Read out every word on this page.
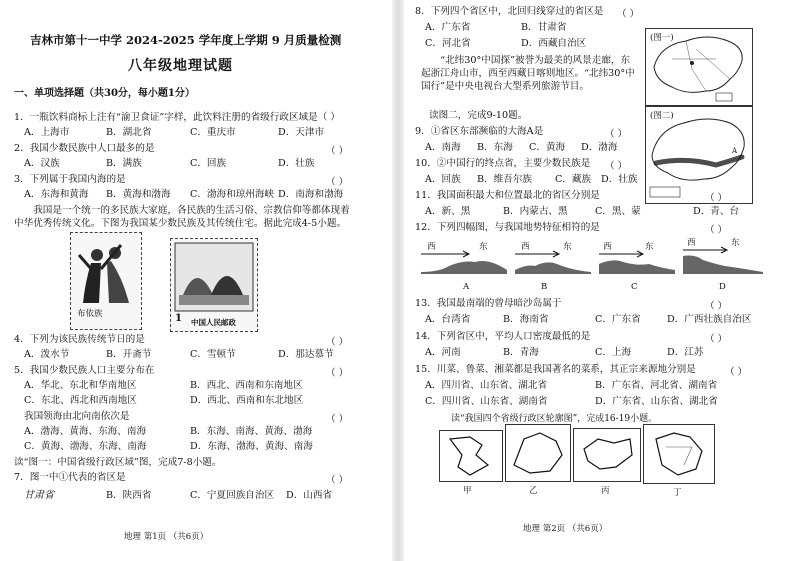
吉林市第十一中学 2024-2025 学年度上学期 9 月质量检测
八年级地理试题
一、单项选择题（共30分，每小题1分）
1．一瓶饮料商标上注有“渝卫食证”字样，此饮料注册的省级行政区域是（ ）
A．上海市	B．湖北省	C．重庆市	D．天津市
2．我国少数民族中人口最多的是	（ ）
A．汉族	B．满族	C．回族	D．壮族
3．下列属于我国内海的是	（ ）
A．东海和黄海 B．黄海和渤海 C．渤海和琼州海峡 D．南海和渤海
我国是一个统一的多民族大家庭，各民族的生活习俗、宗教信仰等都体现着中华优秀传统文化。下图为我国某少数民族及其传统住宅。据此完成4-5小题。
布依族	1 中国人民邮政
4．下列为该民族传统节日的是	（ ）
A．泼水节	B．开斋节	C．雪顿节	D．那达慕节
5．我国少数民族人口主要分布在	（ ）
A．华北、东北和华南地区	B．西北、西南和东南地区
C．东北、西北和西南地区	D．西北、西南和东北地区
我国领海由北向南依次是	（ ）
A．渤海、黄海、东海、南海	B．东海、南海、黄海、渤海
C．黄海、渤海、东海、南海	D．东海、渤海、黄海、南海
读“图一：中国省级行政区域”图，完成7-8小题。
7．图一中①代表的省区是	（ ）
甘肃省	B．陕西省	C．宁夏回族自治区 D．山西省
地理 第1页 （共6页）
8．下列四个省区中，北回归线穿过的省区是 （ ）
A．广东省	B．甘肃省
C．河北省	D．西藏自治区
“北纬30°中国探”被誉为最美的风景走廊，东起浙江舟山市，西至西藏日喀则地区。“北纬30°中国行”是中央电视台大型系列旅游节目。
读图二，完成9-10题。
(图一)
A
(图二)
9．①省区东部濒临的大海A是	（ ）
A．南海 B．东海 C．黄海 D．渤海
10．②中国行的终点省，主要少数民族是 （ ）
A．回族 B．维吾尔族 C．藏族 D．壮族
11．我国面积最大和位置最北的省区分别是	（ ）
A．新、黑	B．内蒙古、黑	C．黑、蒙	D．青、台
12．下列四幅图，与我国地势特征相符的是	（ ）
西	东
A
西	东
B
西	东
C
西	东
D
13．我国最南端的曾母暗沙岛属于	（ ）
A．台湾省	B．海南省	C．广东省	D．广西壮族自治区
14．下列省区中，平均人口密度最低的是	（ ）
A．河南	B．青海	C．上海	D．江苏
15．川菜、鲁菜、湘菜都是我国著名的菜系，其正宗来源地分别是	（ ）
A．四川省、山东省、湖北省	B．广东省、河北省、湖南省
C．四川省、山东省、湖南省	D．广东省、山东省、湖北省
读“我国四个省级行政区轮廓图”，完成16-19小题。
甲	乙	丙	丁
地理 第2页 （共6页）
